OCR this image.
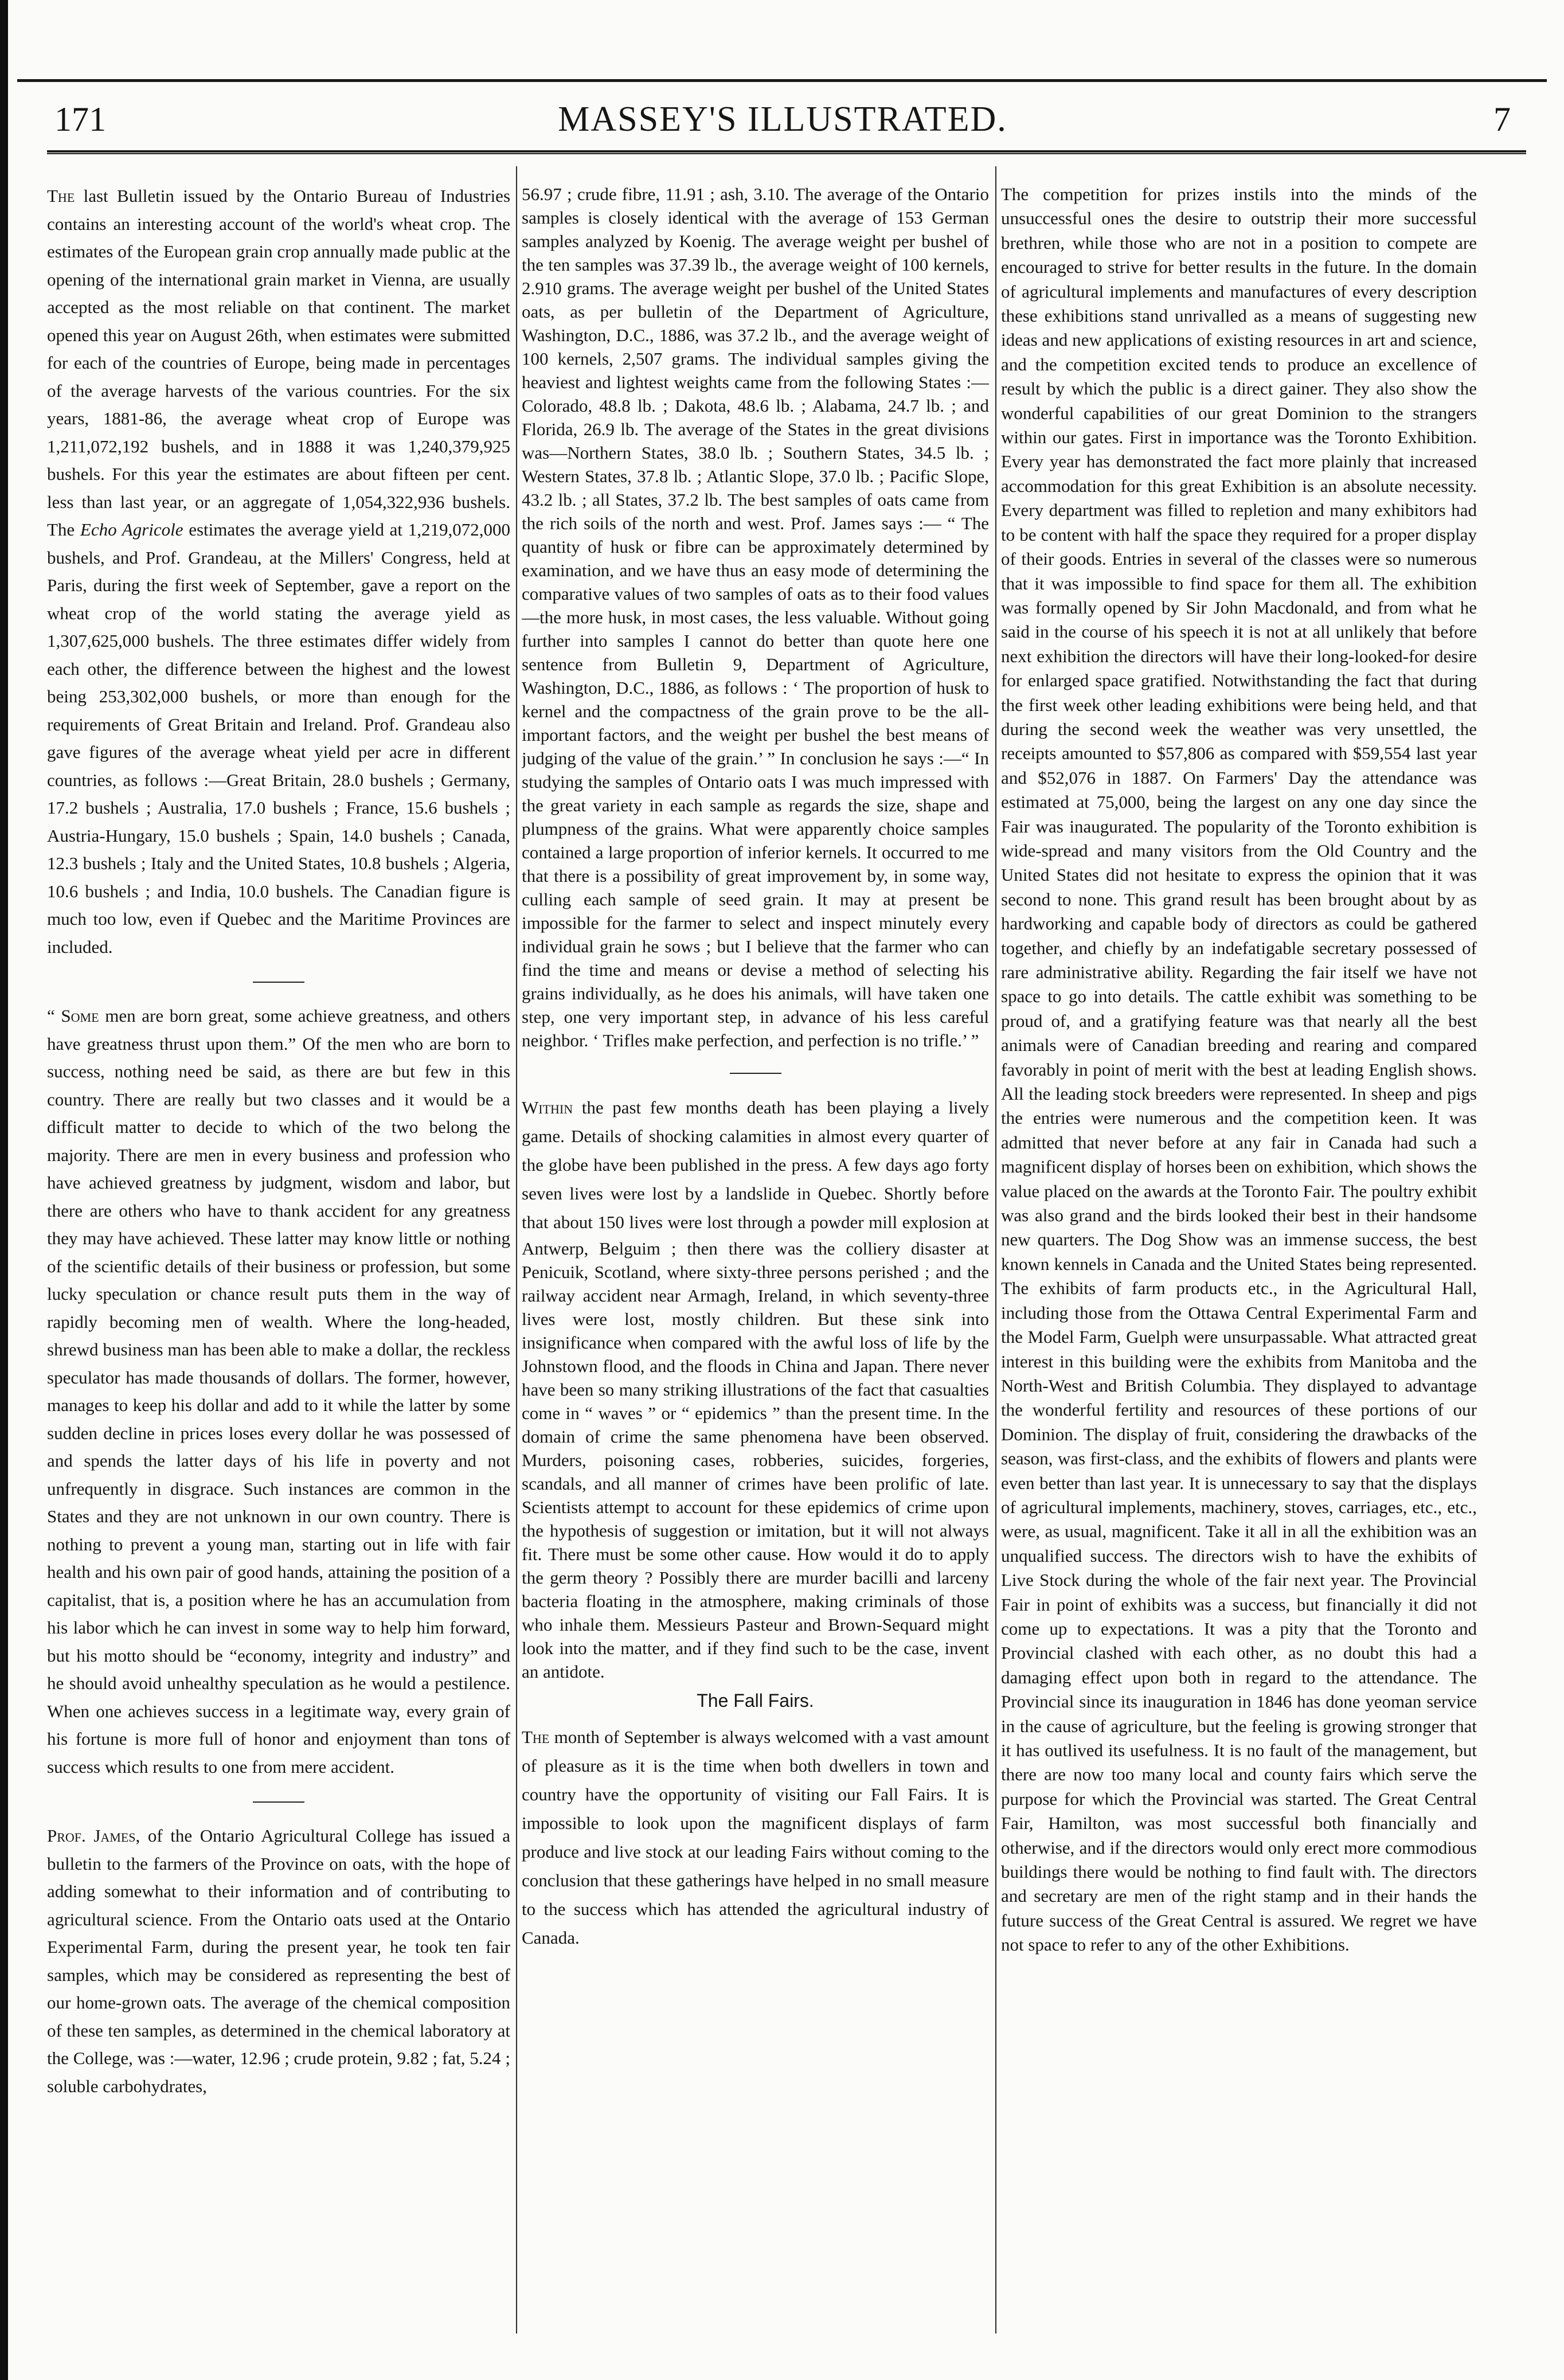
171	MASSEY'S ILLUSTRATED.	7

The last Bulletin issued by the Ontario Bureau of Industries contains an interesting account of the world's wheat crop. The estimates of the European grain crop annually made public at the opening of the international grain market in Vienna, are usually accepted as the most reliable on that continent. The market opened this year on August 26th, when estimates were submitted for each of the countries of Europe, being made in percentages of the average harvests of the various countries. For the six years, 1881-86, the average wheat crop of Europe was 1,211,072,192 bushels, and in 1888 it was 1,240,379,925 bushels. For this year the estimates are about fifteen per cent. less than last year, or an aggregate of 1,054,322,936 bushels. The Echo Agricole estimates the average yield at 1,219,072,000 bushels, and Prof. Grandeau, at the Millers' Congress, held at Paris, during the first week of September, gave a report on the wheat crop of the world stating the average yield as 1,307,625,000 bushels. The three estimates differ widely from each other, the difference between the highest and the lowest being 253,302,000 bushels, or more than enough for the requirements of Great Britain and Ireland. Prof. Grandeau also gave figures of the average wheat yield per acre in different countries, as follows :—Great Britain, 28.0 bushels ; Germany, 17.2 bushels ; Australia, 17.0 bushels ; France, 15.6 bushels ; Austria-Hungary, 15.0 bushels ; Spain, 14.0 bushels ; Canada, 12.3 bushels ; Italy and the United States, 10.8 bushels ; Algeria, 10.6 bushels ; and India, 10.0 bushels. The Canadian figure is much too low, even if Quebec and the Maritime Provinces are included.

“ Some men are born great, some achieve greatness, and others have greatness thrust upon them.” Of the men who are born to success, nothing need be said, as there are but few in this country. There are really but two classes and it would be a difficult matter to decide to which of the two belong the majority. There are men in every business and profession who have achieved greatness by judgment, wisdom and labor, but there are others who have to thank accident for any greatness they may have achieved. These latter may know little or nothing of the scientific details of their business or profession, but some lucky speculation or chance result puts them in the way of rapidly becoming men of wealth. Where the long-headed, shrewd business man has been able to make a dollar, the reckless speculator has made thousands of dollars. The former, however, manages to keep his dollar and add to it while the latter by some sudden decline in prices loses every dollar he was possessed of and spends the latter days of his life in poverty and not unfrequently in disgrace. Such instances are common in the States and they are not unknown in our own country. There is nothing to prevent a young man, starting out in life with fair health and his own pair of good hands, attaining the position of a capitalist, that is, a position where he has an accumulation from his labor which he can invest in some way to help him forward, but his motto should be “economy, integrity and industry” and he should avoid unhealthy speculation as he would a pestilence. When one achieves success in a legitimate way, every grain of his fortune is more full of honor and enjoyment than tons of success which results to one from mere accident.

Prof. James, of the Ontario Agricultural College has issued a bulletin to the farmers of the Province on oats, with the hope of adding somewhat to their information and of contributing to agricultural science. From the Ontario oats used at the Ontario Experimental Farm, during the present year, he took ten fair samples, which may be considered as representing the best of our home-grown oats. The average of the chemical composition of these ten samples, as determined in the chemical laboratory at the College, was :—water, 12.96 ; crude protein, 9.82 ; fat, 5.24 ; soluble carbohydrates,

56.97 ; crude fibre, 11.91 ; ash, 3.10. The average of the Ontario samples is closely identical with the average of 153 German samples analyzed by Koenig. The average weight per bushel of the ten samples was 37.39 lb., the average weight of 100 kernels, 2.910 grams. The average weight per bushel of the United States oats, as per bulletin of the Department of Agriculture, Washington, D.C., 1886, was 37.2 lb., and the average weight of 100 kernels, 2,507 grams. The individual samples giving the heaviest and lightest weights came from the following States :—Colorado, 48.8 lb. ; Dakota, 48.6 lb. ; Alabama, 24.7 lb. ; and Florida, 26.9 lb. The average of the States in the great divisions was—Northern States, 38.0 lb. ; Southern States, 34.5 lb. ; Western States, 37.8 lb. ; Atlantic Slope, 37.0 lb. ; Pacific Slope, 43.2 lb. ; all States, 37.2 lb. The best samples of oats came from the rich soils of the north and west. Prof. James says :— “ The quantity of husk or fibre can be approximately determined by examination, and we have thus an easy mode of determining the comparative values of two samples of oats as to their food values —the more husk, in most cases, the less valuable. Without going further into samples I cannot do better than quote here one sentence from Bulletin 9, Department of Agriculture, Washington, D.C., 1886, as follows : ‘ The proportion of husk to kernel and the compactness of the grain prove to be the all-important factors, and the weight per bushel the best means of judging of the value of the grain.’ ” In conclusion he says :—“ In studying the samples of Ontario oats I was much impressed with the great variety in each sample as regards the size, shape and plumpness of the grains. What were apparently choice samples contained a large proportion of inferior kernels. It occurred to me that there is a possibility of great improvement by, in some way, culling each sample of seed grain. It may at present be impossible for the farmer to select and inspect minutely every individual grain he sows ; but I believe that the farmer who can find the time and means or devise a method of selecting his grains individually, as he does his animals, will have taken one step, one very important step, in advance of his less careful neighbor. ‘ Trifles make perfection, and perfection is no trifle.’ ”

Within the past few months death has been playing a lively game. Details of shocking calamities in almost every quarter of the globe have been published in the press. A few days ago forty seven lives were lost by a landslide in Quebec. Shortly before that about 150 lives were lost through a powder mill explosion at Antwerp, Belguim ; then there was the colliery disaster at Penicuik, Scotland, where sixty-three persons perished ; and the railway accident near Armagh, Ireland, in which seventy-three lives were lost, mostly children. But these sink into insignificance when compared with the awful loss of life by the Johnstown flood, and the floods in China and Japan. There never have been so many striking illustrations of the fact that casualties come in “ waves ” or “ epidemics ” than the present time. In the domain of crime the same phenomena have been observed. Murders, poisoning cases, robberies, suicides, forgeries, scandals, and all manner of crimes have been prolific of late. Scientists attempt to account for these epidemics of crime upon the hypothesis of suggestion or imitation, but it will not always fit. There must be some other cause. How would it do to apply the germ theory ? Possibly there are murder bacilli and larceny bacteria floating in the atmosphere, making criminals of those who inhale them. Messieurs Pasteur and Brown-Sequard might look into the matter, and if they find such to be the case, invent an antidote.

The Fall Fairs.

The month of September is always welcomed with a vast amount of pleasure as it is the time when both dwellers in town and country have the opportunity of visiting our Fall Fairs. It is impossible to look upon the magnificent displays of farm produce and live stock at our leading Fairs without coming to the conclusion that these gatherings have helped in no small measure to the success which has attended the agricultural industry of Canada.

The competition for prizes instils into the minds of the unsuccessful ones the desire to outstrip their more successful brethren, while those who are not in a position to compete are encouraged to strive for better results in the future. In the domain of agricultural implements and manufactures of every description these exhibitions stand unrivalled as a means of suggesting new ideas and new applications of existing resources in art and science, and the competition excited tends to produce an excellence of result by which the public is a direct gainer. They also show the wonderful capabilities of our great Dominion to the strangers within our gates. First in importance was the Toronto Exhibition. Every year has demonstrated the fact more plainly that increased accommodation for this great Exhibition is an absolute necessity. Every department was filled to repletion and many exhibitors had to be content with half the space they required for a proper display of their goods. Entries in several of the classes were so numerous that it was impossible to find space for them all. The exhibition was formally opened by Sir John Macdonald, and from what he said in the course of his speech it is not at all unlikely that before next exhibition the directors will have their long-looked-for desire for enlarged space gratified. Notwithstanding the fact that during the first week other leading exhibitions were being held, and that during the second week the weather was very unsettled, the receipts amounted to $57,806 as compared with $59,554 last year and $52,076 in 1887. On Farmers' Day the attendance was estimated at 75,000, being the largest on any one day since the Fair was inaugurated. The popularity of the Toronto exhibition is wide-spread and many visitors from the Old Country and the United States did not hesitate to express the opinion that it was second to none. This grand result has been brought about by as hardworking and capable body of directors as could be gathered together, and chiefly by an indefatigable secretary possessed of rare administrative ability. Regarding the fair itself we have not space to go into details. The cattle exhibit was something to be proud of, and a gratifying feature was that nearly all the best animals were of Canadian breeding and rearing and compared favorably in point of merit with the best at leading English shows. All the leading stock breeders were represented. In sheep and pigs the entries were numerous and the competition keen. It was admitted that never before at any fair in Canada had such a magnificent display of horses been on exhibition, which shows the value placed on the awards at the Toronto Fair. The poultry exhibit was also grand and the birds looked their best in their handsome new quarters. The Dog Show was an immense success, the best known kennels in Canada and the United States being represented. The exhibits of farm products etc., in the Agricultural Hall, including those from the Ottawa Central Experimental Farm and the Model Farm, Guelph were unsurpassable. What attracted great interest in this building were the exhibits from Manitoba and the North-West and British Columbia. They displayed to advantage the wonderful fertility and resources of these portions of our Dominion. The display of fruit, considering the drawbacks of the season, was first-class, and the exhibits of flowers and plants were even better than last year. It is unnecessary to say that the displays of agricultural implements, machinery, stoves, carriages, etc., etc., were, as usual, magnificent. Take it all in all the exhibition was an unqualified success. The directors wish to have the exhibits of Live Stock during the whole of the fair next year. The Provincial Fair in point of exhibits was a success, but financially it did not come up to expectations. It was a pity that the Toronto and Provincial clashed with each other, as no doubt this had a damaging effect upon both in regard to the attendance. The Provincial since its inauguration in 1846 has done yeoman service in the cause of agriculture, but the feeling is growing stronger that it has outlived its usefulness. It is no fault of the management, but there are now too many local and county fairs which serve the purpose for which the Provincial was started. The Great Central Fair, Hamilton, was most successful both financially and otherwise, and if the directors would only erect more commodious buildings there would be nothing to find fault with. The directors and secretary are men of the right stamp and in their hands the future success of the Great Central is assured. We regret we have not space to refer to any of the other Exhibitions.
